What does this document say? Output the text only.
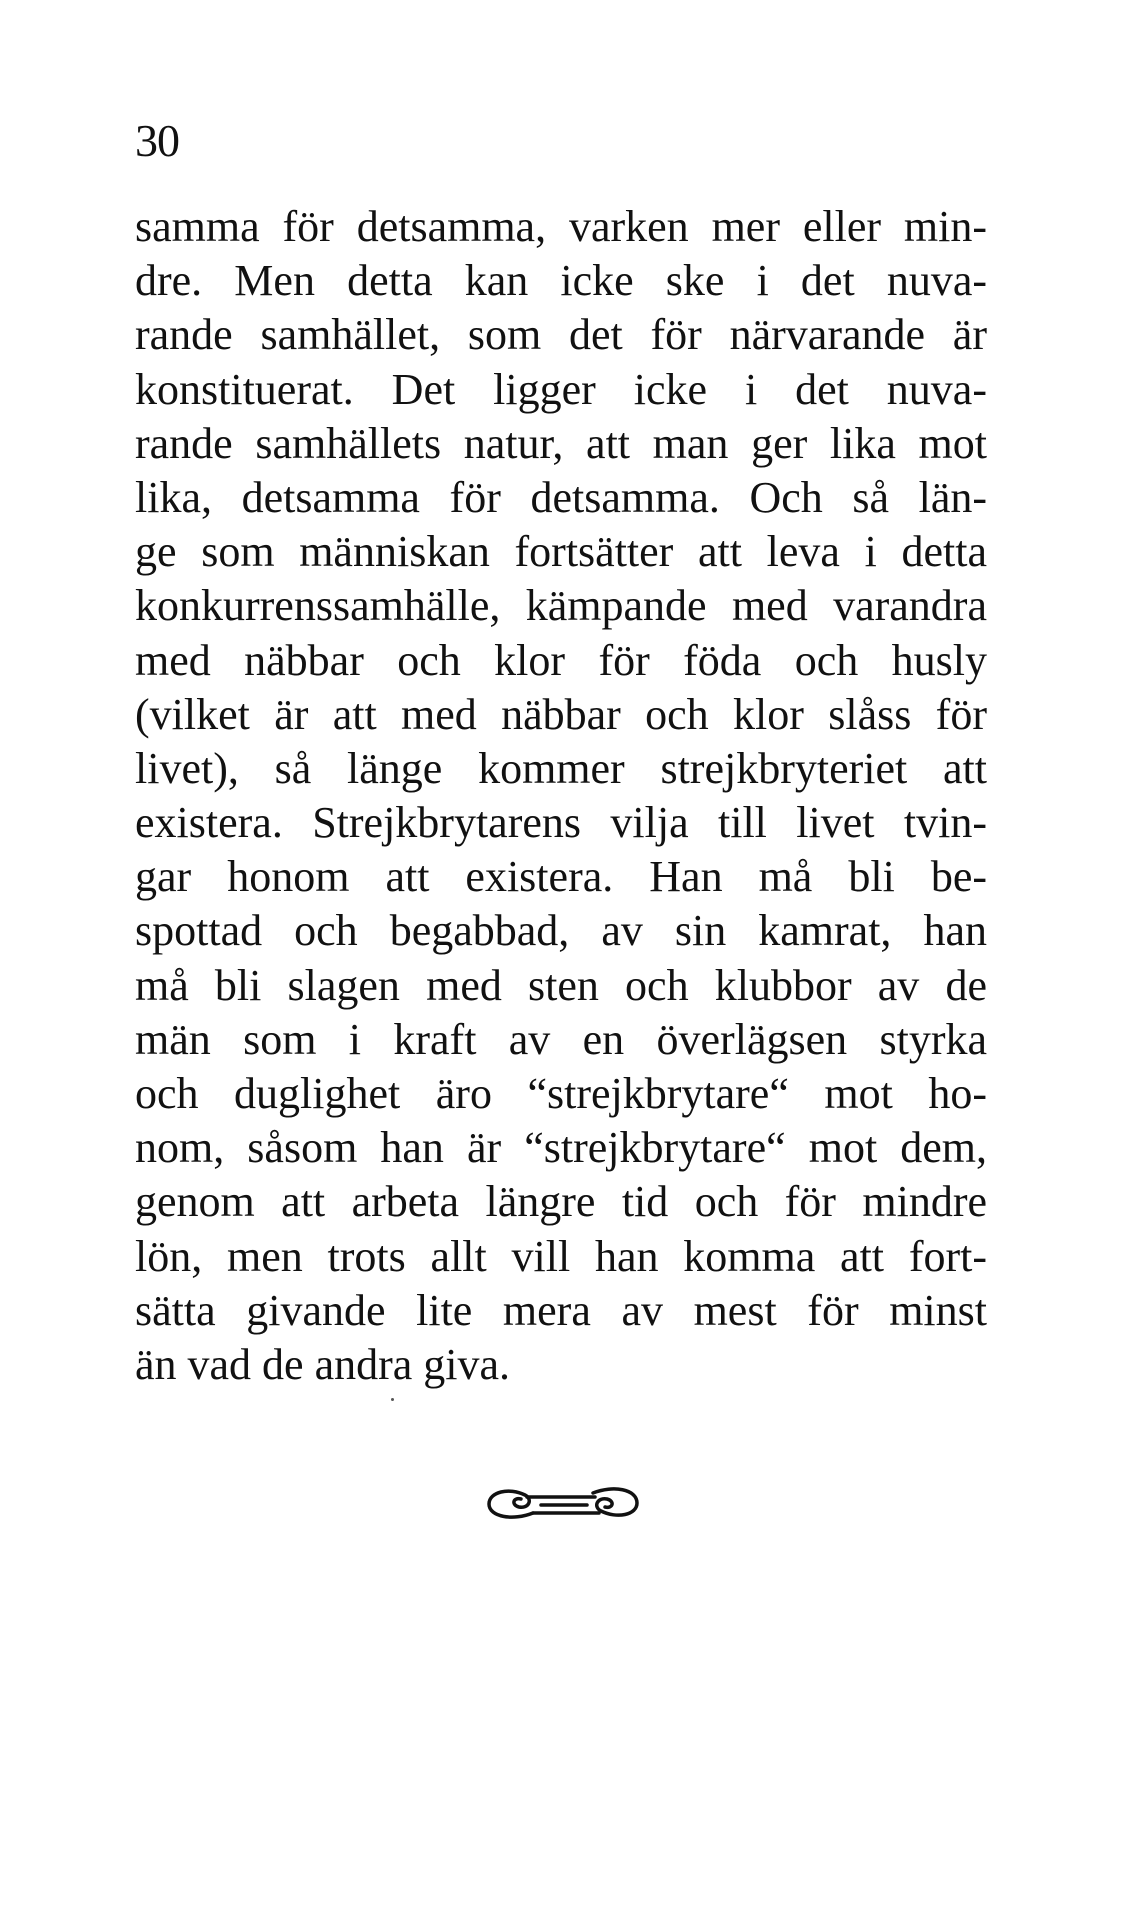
30
samma för detsamma, varken mer eller min-
dre. Men detta kan icke ske i det nuva-
rande samhället, som det för närvarande är
konstituerat. Det ligger icke i det nuva-
rande samhällets natur, att man ger lika mot
lika, detsamma för detsamma. Och så län-
ge som människan fortsätter att leva i detta
konkurrenssamhälle, kämpande med varandra
med näbbar och klor för föda och husly
(vilket är att med näbbar och klor slåss för
livet), så länge kommer strejkbryteriet att
existera. Strejkbrytarens vilja till livet tvin-
gar honom att existera. Han må bli be-
spottad och begabbad, av sin kamrat, han
må bli slagen med sten och klubbor av de
män som i kraft av en överlägsen styrka
och duglighet äro “strejkbrytare“ mot ho-
nom, såsom han är “strejkbrytare“ mot dem,
genom att arbeta längre tid och för mindre
lön, men trots allt vill han komma att fort-
sätta givande lite mera av mest för minst
än vad de andra giva.
